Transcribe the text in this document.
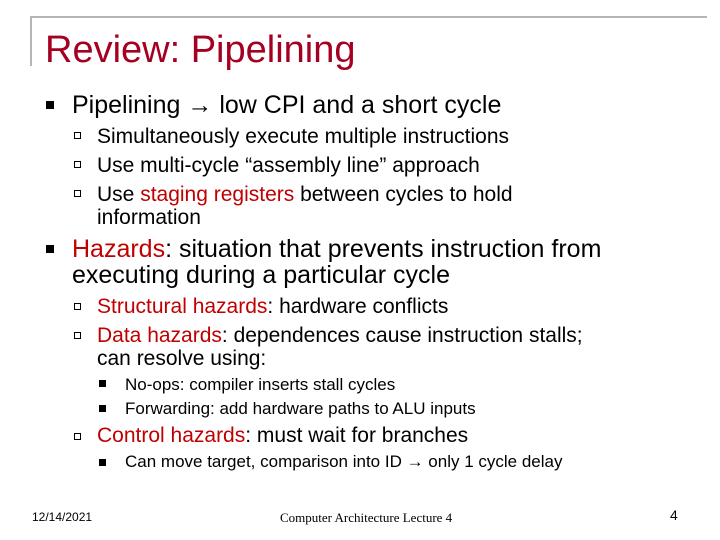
Review: Pipelining
Pipelining → low CPI and a short cycle
Simultaneously execute multiple instructions
Use multi-cycle “assembly line” approach
Use staging registers between cycles to hold
information
Hazards: situation that prevents instruction from
executing during a particular cycle
Structural hazards: hardware conflicts
Data hazards: dependences cause instruction stalls;
can resolve using:
No-ops: compiler inserts stall cycles
Forwarding: add hardware paths to ALU inputs
Control hazards: must wait for branches
Can move target, comparison into ID → only 1 cycle delay
12/14/2021	Computer Architecture Lecture 4	4
